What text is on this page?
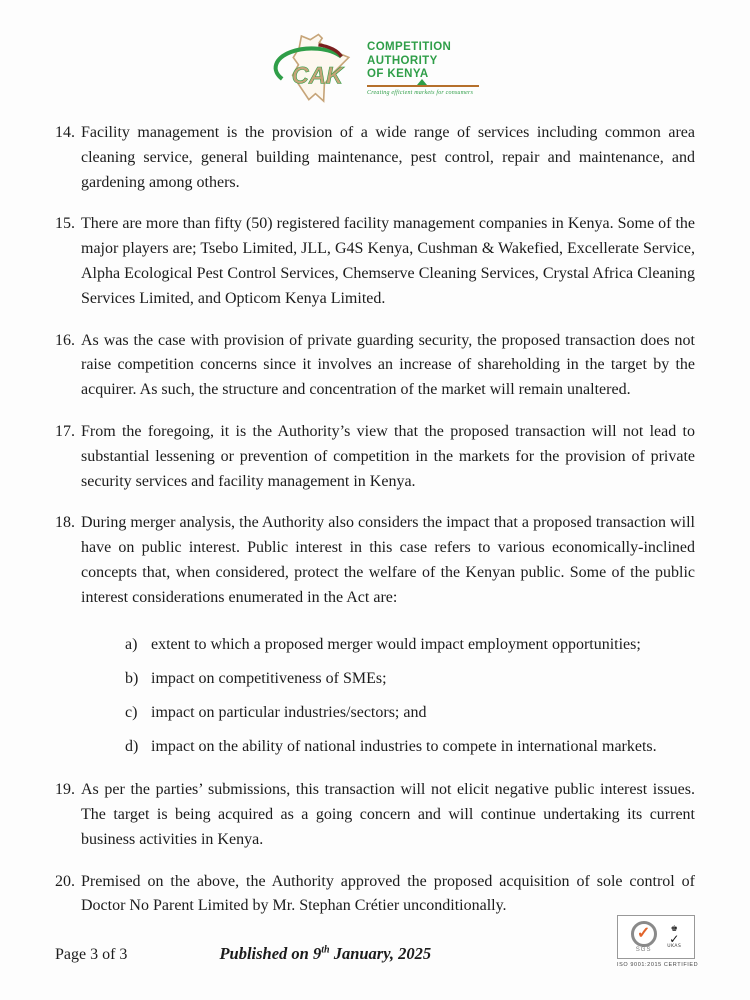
CAK
COMPETITION
AUTHORITY
OF KENYA
Creating efficient markets for consumers
14. Facility management is the provision of a wide range of services including common area cleaning service, general building maintenance, pest control, repair and maintenance, and gardening among others.
15. There are more than fifty (50) registered facility management companies in Kenya. Some of the major players are; Tsebo Limited, JLL, G4S Kenya, Cushman & Wakefied, Excellerate Service, Alpha Ecological Pest Control Services, Chemserve Cleaning Services, Crystal Africa Cleaning Services Limited, and Opticom Kenya Limited.
16. As was the case with provision of private guarding security, the proposed transaction does not raise competition concerns since it involves an increase of shareholding in the target by the acquirer. As such, the structure and concentration of the market will remain unaltered.
17. From the foregoing, it is the Authority’s view that the proposed transaction will not lead to substantial lessening or prevention of competition in the markets for the provision of private security services and facility management in Kenya.
18. During merger analysis, the Authority also considers the impact that a proposed transaction will have on public interest. Public interest in this case refers to various economically-inclined concepts that, when considered, protect the welfare of the Kenyan public. Some of the public interest considerations enumerated in the Act are:
a) extent to which a proposed merger would impact employment opportunities;
b) impact on competitiveness of SMEs;
c) impact on particular industries/sectors; and
d) impact on the ability of national industries to compete in international markets.
19. As per the parties’ submissions, this transaction will not elicit negative public interest issues. The target is being acquired as a going concern and will continue undertaking its current business activities in Kenya.
20. Premised on the above, the Authority approved the proposed acquisition of sole control of Doctor No Parent Limited by Mr. Stephan Crétier unconditionally.
Page 3 of 3	Published on 9th January, 2025
✓
SGS
♚
✓
UKAS
ISO 9001:2015 CERTIFIED
